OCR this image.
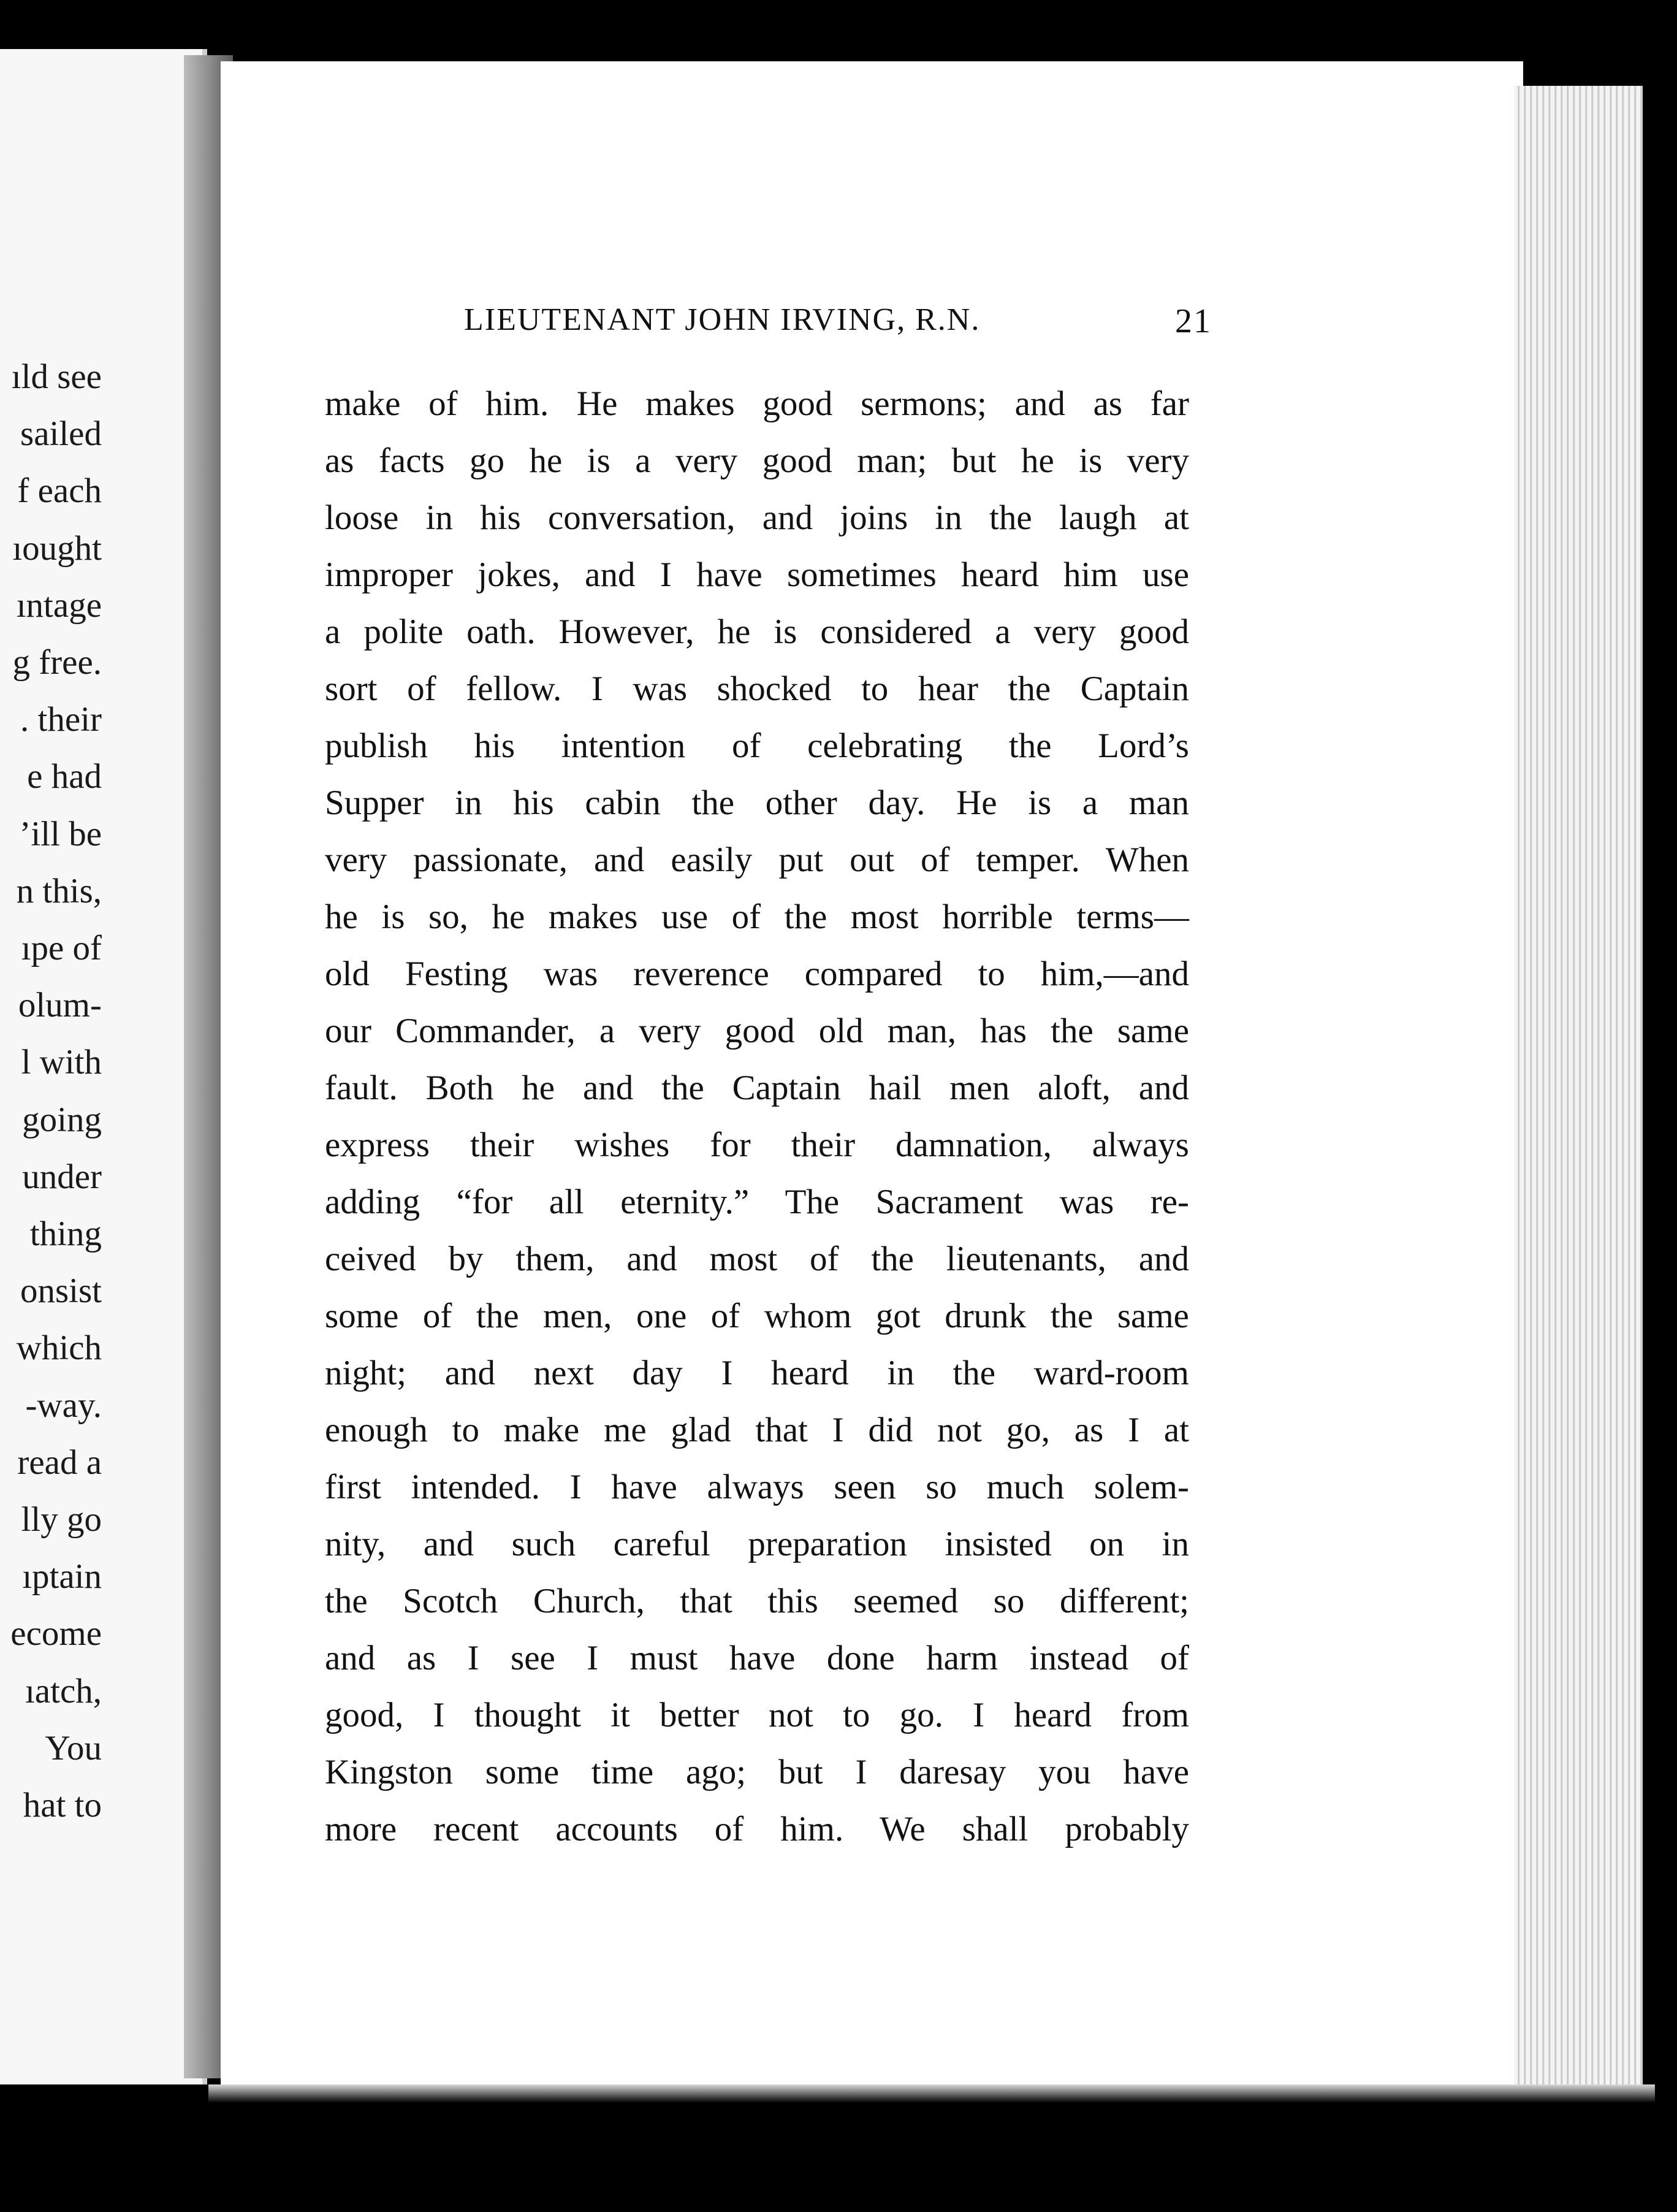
ıld see
sailed
f each
ıought
ıntage
g free.
. their
e had
ʼill be
n this,
ıpe of
olum-
l with
going
under
thing
onsist
which
-way.
read a
lly go
ıptain
ecome
ıatch,
You
hat to
LIEUTENANT JOHN IRVING, R.N.	21
make of him. He makes good sermons; and as far
as facts go he is a very good man; but he is very
loose in his conversation, and joins in the laugh at
improper jokes, and I have sometimes heard him use
a polite oath. However, he is considered a very good
sort of fellow. I was shocked to hear the Captain
publish his intention of celebrating the Lord’s
Supper in his cabin the other day. He is a man
very passionate, and easily put out of temper. When
he is so, he makes use of the most horrible terms—
old Festing was reverence compared to him,—and
our Commander, a very good old man, has the same
fault. Both he and the Captain hail men aloft, and
express their wishes for their damnation, always
adding “for all eternity.” The Sacrament was re-
ceived by them, and most of the lieutenants, and
some of the men, one of whom got drunk the same
night; and next day I heard in the ward-room
enough to make me glad that I did not go, as I at
first intended. I have always seen so much solem-
nity, and such careful preparation insisted on in
the Scotch Church, that this seemed so different;
and as I see I must have done harm instead of
good, I thought it better not to go. I heard from
Kingston some time ago; but I daresay you have
more recent accounts of him. We shall probably
